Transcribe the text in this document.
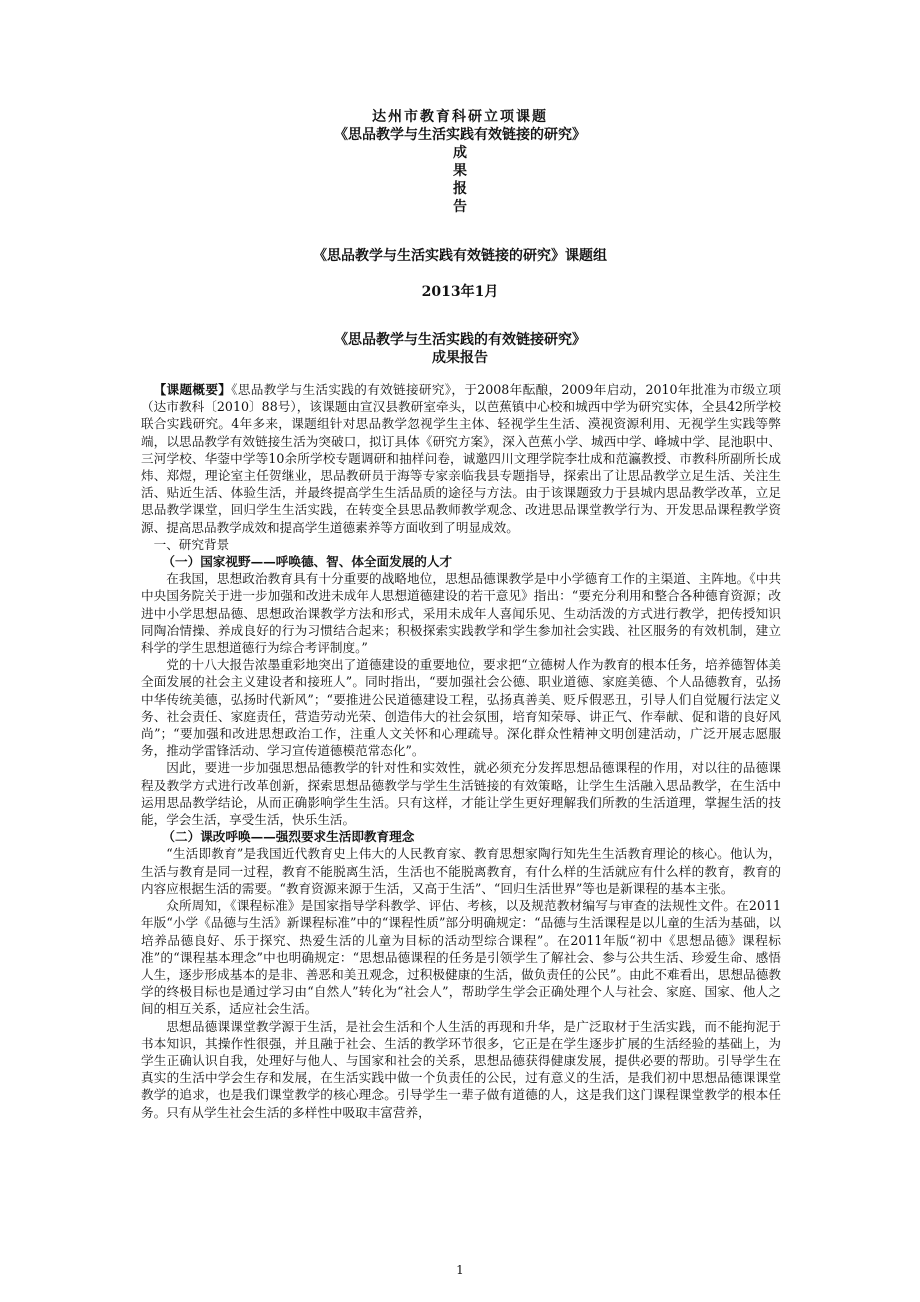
达州市教育科研立项课题
《思品教学与生活实践有效链接的研究》
成
果
报
告
《思品教学与生活实践有效链接的研究》课题组
2013年1月
《思品教学与生活实践的有效链接研究》
成果报告

【课题概要】《思品教学与生活实践的有效链接研究》，于2008年酝酿，2009年启动，2010年批准为市级立项（达市教科〔2010〕88号），该课题由宣汉县教研室牵头，以芭蕉镇中心校和城西中学为研究实体，全县42所学校联合实践研究。4年多来，课题组针对思品教学忽视学生主体、轻视学生生活、漠视资源利用、无视学生实践等弊端，以思品教学有效链接生活为突破口，拟订具体《研究方案》，深入芭蕉小学、城西中学、峰城中学、昆池职中、三河学校、华蓥中学等10余所学校专题调研和抽样问卷，诚邀四川文理学院李壮成和范瀛教授、市教科所副所长成炜、郑煜，理论室主任贺继业，思品教研员于海等专家亲临我县专题指导，探索出了让思品教学立足生活、关注生活、贴近生活、体验生活，并最终提高学生生活品质的途径与方法。由于该课题致力于县城内思品教学改革，立足思品教学课堂，回归学生生活实践，在转变全县思品教师教学观念、改进思品课堂教学行为、开发思品课程教学资源、提高思品教学成效和提高学生道德素养等方面收到了明显成效。

一、研究背景

（一）国家视野——呼唤德、智、体全面发展的人才

在我国，思想政治教育具有十分重要的战略地位，思想品德课教学是中小学德育工作的主渠道、主阵地。《中共中央国务院关于进一步加强和改进未成年人思想道德建设的若干意见》指出：“要充分利用和整合各种德育资源；改进中小学思想品德、思想政治课教学方法和形式，采用未成年人喜闻乐见、生动活泼的方式进行教学，把传授知识同陶冶情操、养成良好的行为习惯结合起来；积极探索实践教学和学生参加社会实践、社区服务的有效机制，建立科学的学生思想道德行为综合考评制度。”

党的十八大报告浓墨重彩地突出了道德建设的重要地位，要求把“立德树人作为教育的根本任务，培养德智体美全面发展的社会主义建设者和接班人”。同时指出，“要加强社会公德、职业道德、家庭美德、个人品德教育，弘扬中华传统美德，弘扬时代新风”；“要推进公民道德建设工程，弘扬真善美、贬斥假恶丑，引导人们自觉履行法定义务、社会责任、家庭责任，营造劳动光荣、创造伟大的社会氛围，培育知荣辱、讲正气、作奉献、促和谐的良好风尚”；“要加强和改进思想政治工作，注重人文关怀和心理疏导。深化群众性精神文明创建活动，广泛开展志愿服务，推动学雷锋活动、学习宣传道德模范常态化”。

因此，要进一步加强思想品德教学的针对性和实效性，就必须充分发挥思想品德课程的作用，对以往的品德课程及教学方式进行改革创新，探索思想品德教学与学生生活链接的有效策略，让学生生活融入思品教学，在生活中运用思品教学结论，从而正确影响学生生活。只有这样，才能让学生更好理解我们所教的生活道理，掌握生活的技能，学会生活，享受生活，快乐生活。

（二）课改呼唤——强烈要求生活即教育理念

“生活即教育”是我国近代教育史上伟大的人民教育家、教育思想家陶行知先生生活教育理论的核心。他认为，生活与教育是同一过程，教育不能脱离生活，生活也不能脱离教育，有什么样的生活就应有什么样的教育，教育的内容应根据生活的需要。“教育资源来源于生活，又高于生活”、“回归生活世界”等也是新课程的基本主张。

众所周知，《课程标准》是国家指导学科教学、评估、考核，以及规范教材编写与审查的法规性文件。在2011年版“小学《品德与生活》新课程标准”中的“课程性质”部分明确规定：“品德与生活课程是以儿童的生活为基础，以培养品德良好、乐于探究、热爱生活的儿童为目标的活动型综合课程”。在2011年版“初中《思想品德》课程标准”的“课程基本理念”中也明确规定：“思想品德课程的任务是引领学生了解社会、参与公共生活、珍爱生命、感悟人生，逐步形成基本的是非、善恶和美丑观念，过积极健康的生活，做负责任的公民”。由此不难看出，思想品德教学的终极目标也是通过学习由“自然人”转化为“社会人”，帮助学生学会正确处理个人与社会、家庭、国家、他人之间的相互关系，适应社会生活。

思想品德课课堂教学源于生活，是社会生活和个人生活的再现和升华，是广泛取材于生活实践，而不能拘泥于书本知识，其操作性很强，并且融于社会、生活的教学环节很多，它正是在学生逐步扩展的生活经验的基础上，为学生正确认识自我，处理好与他人、与国家和社会的关系，思想品德获得健康发展，提供必要的帮助。引导学生在真实的生活中学会生存和发展，在生活实践中做一个负责任的公民，过有意义的生活，是我们初中思想品德课课堂教学的追求，也是我们课堂教学的核心理念。引导学生一辈子做有道德的人，这是我们这门课程课堂教学的根本任务。只有从学生社会生活的多样性中吸取丰富营养，

1
